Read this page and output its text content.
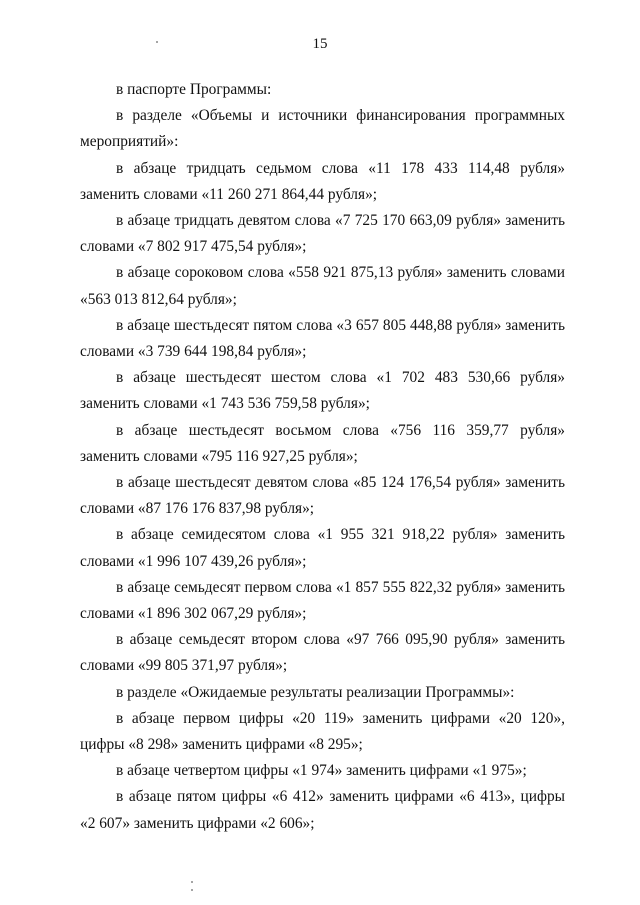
15

в паспорте Программы:

в разделе «Объемы и источники финансирования программных мероприятий»:

в абзаце тридцать седьмом слова «11 178 433 114,48 рубля» заменить словами «11 260 271 864,44 рубля»;

в абзаце тридцать девятом слова «7 725 170 663,09 рубля» заменить словами «7 802 917 475,54 рубля»;

в абзаце сороковом слова «558 921 875,13 рубля» заменить словами «563 013 812,64 рубля»;

в абзаце шестьдесят пятом слова «3 657 805 448,88 рубля» заменить словами «3 739 644 198,84 рубля»;

в абзаце шестьдесят шестом слова «1 702 483 530,66 рубля» заменить словами «1 743 536 759,58 рубля»;

в абзаце шестьдесят восьмом слова «756 116 359,77 рубля» заменить словами «795 116 927,25 рубля»;

в абзаце шестьдесят девятом слова «85 124 176,54 рубля» заменить словами «87 176 176 837,98 рубля»;

в абзаце семидесятом слова «1 955 321 918,22 рубля» заменить словами «1 996 107 439,26 рубля»;

в абзаце семьдесят первом слова «1 857 555 822,32 рубля» заменить словами «1 896 302 067,29 рубля»;

в абзаце семьдесят втором слова «97 766 095,90 рубля» заменить словами «99 805 371,97 рубля»;

в разделе «Ожидаемые результаты реализации Программы»:

в абзаце первом цифры «20 119» заменить цифрами «20 120», цифры «8 298» заменить цифрами «8 295»;

в абзаце четвертом цифры «1 974» заменить цифрами «1 975»;

в абзаце пятом цифры «6 412» заменить цифрами «6 413», цифры «2 607» заменить цифрами «2 606»;
